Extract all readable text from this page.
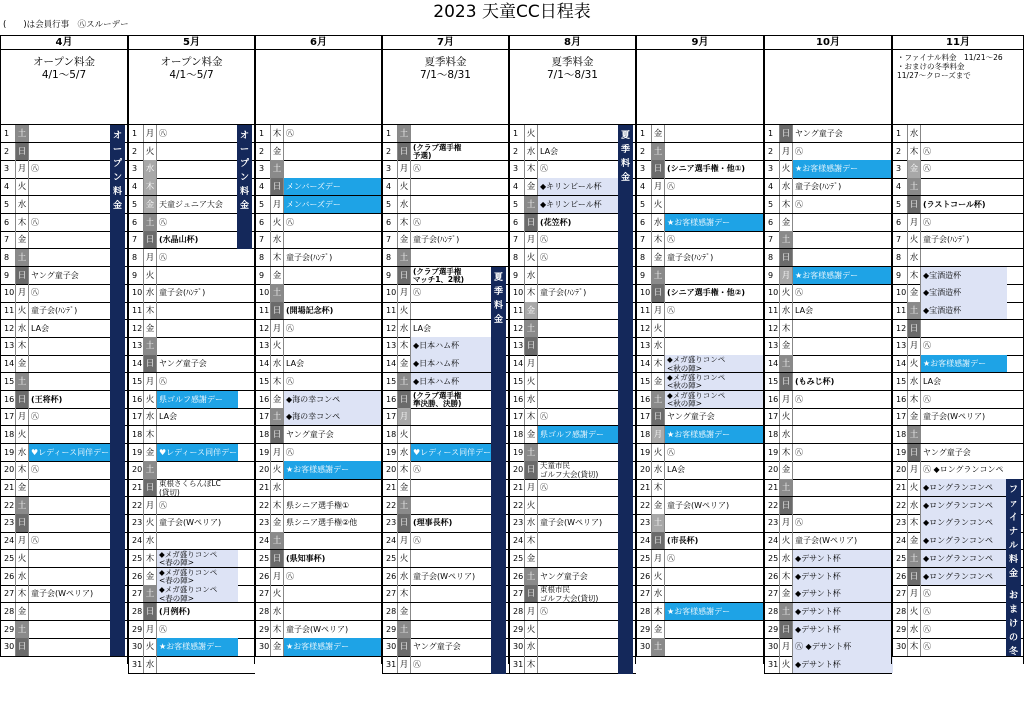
2023 天童CC日程表
(　　)は会員行事　㊇スルーデー
4月
オープン料金
4/1～5/7
1	土
2	日
3	月 ㊇
4	火
5	水
6	木 ㊇
7	金
8	土
9	日 ヤング童子会
10 月 ㊇
11 火 童子会(ﾊﾝﾃﾞ)
12 水 LA会
13 木
14 金
15 土
16 日 (王将杯)
17 月 ㊇
18 火
19 水 ♥レディース同伴デー
20 木 ㊇
21 金
22 土
23 日
24 月 ㊇
25 火
26 水
27 木 童子会(Wペリア)
28 金
29 土
30 日
オ
ー
プ
ン
料
金
5月
オープン料金
4/1～5/7
1	月 ㊇
2	火
3	水
4	木
5	金 天童ジュニア大会
6	土 ㊇
7	日 (水晶山杯)
8	月 ㊇
9	火
10 水 童子会(ﾊﾝﾃﾞ)
11 木
12 金
13 土
14 日 ヤング童子会
15 月 ㊇
16 火 県ゴルフ感謝デー
17 水 LA会
18 木
19 金 ♥レディース同伴デー
20 土
21 日 東根さくらんぼLC
(貸切)
22 月 ㊇
23 火 童子会(Wペリア)
24 水
25 木 ◆メガ盛りコンペ
<春の陣>
26 金 ◆メガ盛りコンペ
<春の陣>
27 土 ◆メガ盛りコンペ
<春の陣>
28 日 (月例杯)
29 月 ㊇
30 火 ★お客様感謝デー
31 水
オ
ー
プ
ン
料
金
6月
1	木 ㊇
2	金
3	土
4	日 メンバーズデー
5	月 メンバーズデー
6	火 ㊇
7	水
8	木 童子会(ﾊﾝﾃﾞ)
9	金
10 土
11 日 (開場記念杯)
12 月 ㊇
13 火
14 水 LA会
15 木 ㊇
16 金 ◆海の幸コンペ
17 土 ◆海の幸コンペ
18 日 ヤング童子会
19 月 ㊇
20 火 ★お客様感謝デー
21 水
22 木 県シニア選手権①
23 金 県シニア選手権②他
24 土
25 日 (県知事杯)
26 月 ㊇
27 火
28 水
29 木 童子会(Wペリア)
30 金 ★お客様感謝デー
7月
夏季料金
7/1～8/31
1	土
2	日 (クラブ選手権
予選)
3	月 ㊇
4	火
5	水
6	木 ㊇
7	金 童子会(ﾊﾝﾃﾞ)
8	土
9	日 (クラブ選手権
マッチ1、2戦)
10 月 ㊇
11 火
12 水 LA会
13 木 ◆日本ハム杯
14 金 ◆日本ハム杯
15 土 ◆日本ハム杯
16 日 (クラブ選手権
準決勝、決勝)
17 月
18 火
19 水 ♥レディース同伴デー
20 木 ㊇
21 金
22 土
23 日 (理事長杯)
24 月 ㊇
25 火
26 水 童子会(Wペリア)
27 木
28 金
29 土
30 日 ヤング童子会
31 月 ㊇
夏
季
料
金
8月
夏季料金
7/1～8/31
1	火
2	水 LA会
3	木 ㊇
4	金 ◆キリンビール杯
5	土 ◆キリンビール杯
6	日 (花笠杯)
7	月 ㊇
8	火 ㊇
9	水
10 木 童子会(ﾊﾝﾃﾞ)
11 金
12 土
13 日
14 月
15 火
16 水
17 木 ㊇
18 金 県ゴルフ感謝デー
19 土
20 日 天童市民
ゴルフ大会(貸切)
21 月 ㊇
22 火
23 水 童子会(Wペリア)
24 木
25 金
26 土 ヤング童子会
27 日 東根市民
ゴルフ大会(貸切)
28 月 ㊇
29 火
30 水
31 木
夏
季
料
金
9月
1	金
2	土
3	日 (シニア選手権・他①)
4	月 ㊇
5	火
6	水 ★お客様感謝デー
7	木 ㊇
8	金 童子会(ﾊﾝﾃﾞ)
9	土
10 日 (シニア選手権・他②)
11 月 ㊇
12 火
13 水
14 木 ◆メガ盛りコンペ
<秋の陣>
15 金 ◆メガ盛りコンペ
<秋の陣>
16 土 ◆メガ盛りコンペ
<秋の陣>
17 日 ヤング童子会
18 月 ★お客様感謝デー
19 火 ㊇
20 水 LA会
21 木
22 金 童子会(Wペリア)
23 土
24 日 (市長杯)
25 月 ㊇
26 火
27 水
28 木 ★お客様感謝デー
29 金
30 土
10月
1	日 ヤング童子会
2	月 ㊇
3	火 ★お客様感謝デー
4	水 童子会(ﾊﾝﾃﾞ)
5	木 ㊇
6	金
7	土
8	日
9	月 ★お客様感謝デー
10 火 ㊇
11 水 LA会
12 木
13 金
14 土
15 日 (もみじ杯)
16 月 ㊇
17 火
18 水
19 木 ㊇
20 金
21 土
22 日
23 月 ㊇
24 火 童子会(Wペリア)
25 水 ◆デサント杯
26 木 ◆デサント杯
27 金 ◆デサント杯
28 土 ◆デサント杯
29 日 ◆デサント杯
30 月 ㊇ ◆デサント杯
31 火 ◆デサント杯
11月
・ファイナル料金　11/21～26
・おまけの冬季料金
11/27～クローズまで
1	水
2	木 ㊇
3	金 ㊇
4	土
5	日 (ラストコール杯)
6	月 ㊇
7	火 童子会(ﾊﾝﾃﾞ)
8	水
9	木 ◆宝酒造杯
10 金 ◆宝酒造杯
11 土 ◆宝酒造杯
12 日
13 月 ㊇
14 火 ★お客様感謝デー
15 水 LA会
16 木 ㊇
17 金 童子会(Wペリア)
18 土
19 日 ヤング童子会
20 月 ㊇ ◆ロングランコンペ
21 火 ◆ロングランコンペ
22 水 ◆ロングランコンペ
23 木 ◆ロングランコンペ
24 金 ◆ロングランコンペ
25 土 ◆ロングランコンペ
26 日 ◆ロングランコンペ
27 月 ㊇
28 火 ㊇
29 水 ㊇
30 木 ㊇
フ
ァ
イ
ナ
ル
料
金
お
ま
け
の
冬
季
料
金
